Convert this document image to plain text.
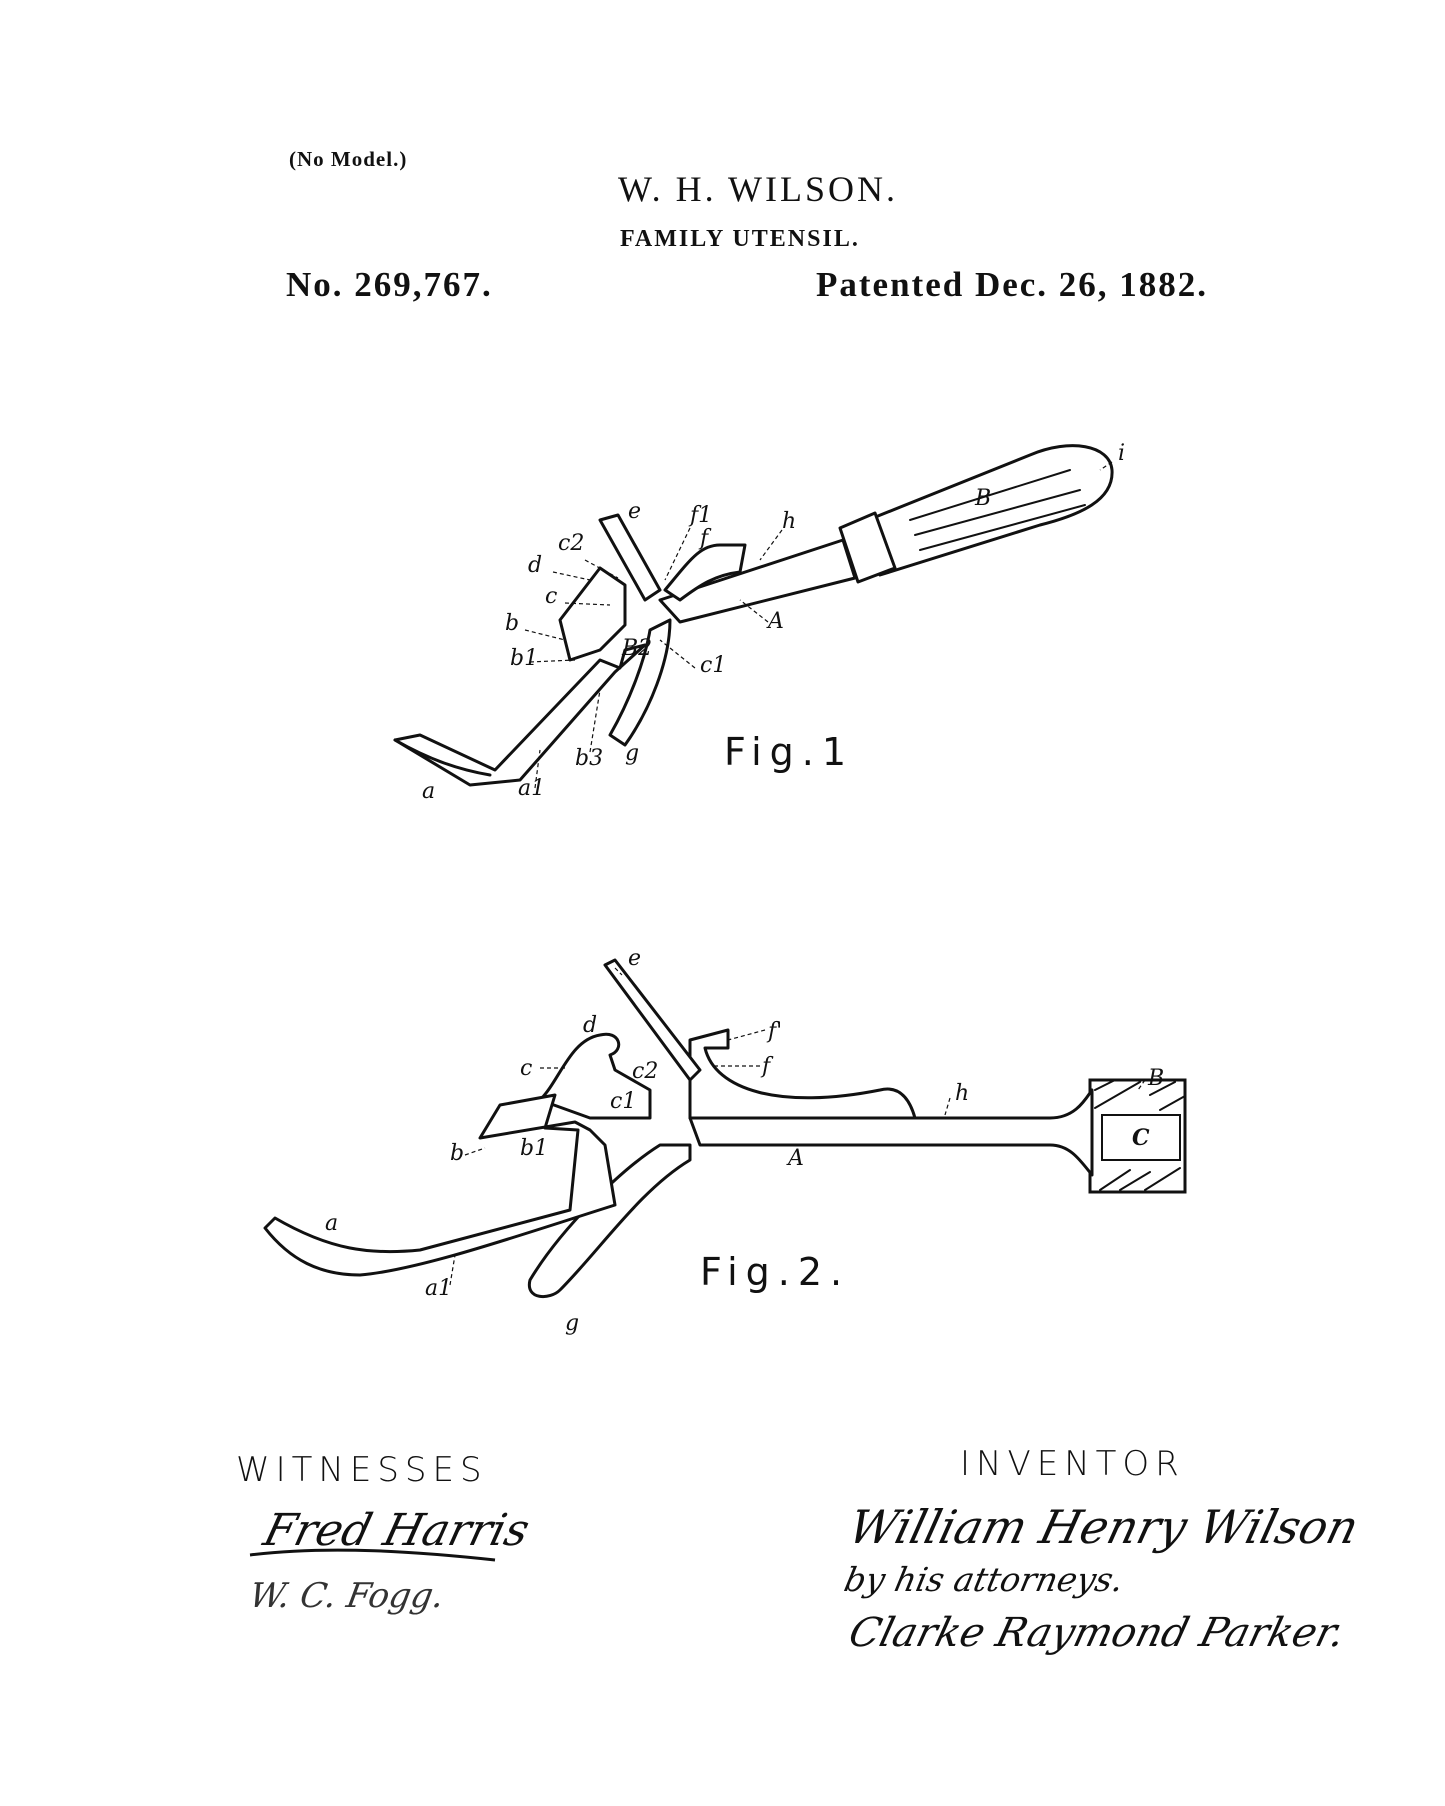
(No Model.)
W. H. WILSON.
FAMILY UTENSIL.
No. 269,767.	Patented Dec. 26, 1882.
i
B
e f1
f
h
c2
d
c
A
b
b1	B2
c1
b3 g
a	a1
e
d	f'
c	c2	f	B
h
c1
C
b	b1	A
a
a1
g
Fig.1
Fig.2.
WITNESSES
Fred Harris
W. C. Fogg.
INVENTOR
William Henry Wilson
by his attorneys.
Clarke Raymond Parker.
